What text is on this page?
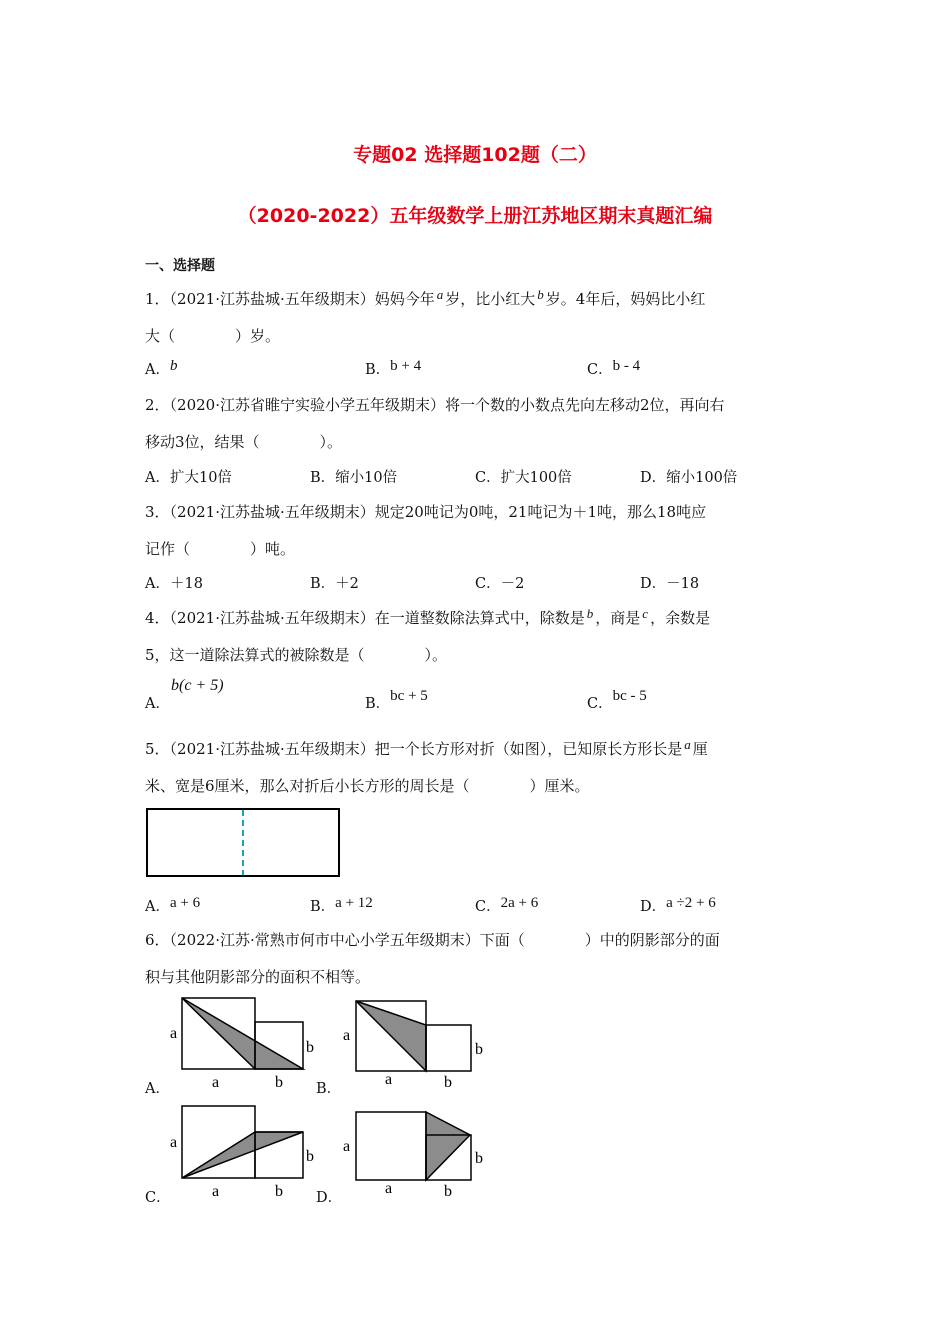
专题02 选择题102题（二）
（2020-2022）五年级数学上册江苏地区期末真题汇编
一、选择题
1．（2021·江苏盐城·五年级期末）妈妈今年 a 岁，比小红大 b 岁。4年后，妈妈比小红
大（　　　　）岁。
A．b	B．b + 4	C．b - 4
2．（2020·江苏省睢宁实验小学五年级期末）将一个数的小数点先向左移动2位，再向右
移动3位，结果（　　　　）。
A．扩大10倍	B．缩小10倍	C．扩大100倍	D．缩小100倍
3．（2021·江苏盐城·五年级期末）规定20吨记为0吨，21吨记为＋1吨，那么18吨应
记作（　　　　）吨。
A．＋18	B．＋2	C．－2	D．－18
4．（2021·江苏盐城·五年级期末）在一道整数除法算式中，除数是 b ，商是 c ，余数是
5，这一道除法算式的被除数是（　　　　）。
A．
b(c + 5)
B．bc + 5	C．bc - 5
5．（2021·江苏盐城·五年级期末）把一个长方形对折（如图），已知原长方形长是 a 厘
米、宽是6厘米，那么对折后小长方形的周长是（　　　　）厘米。
a
a
b
b
a
a
b
b
a
a
b
b
a
a
b
b
A．a + 6	B．a + 12	C．2a + 6	D．a ÷2 + 6
6．（2022·江苏·常熟市何市中心小学五年级期末）下面（　　　　）中的阴影部分的面
积与其他阴影部分的面积不相等。
A．	B．
C．	D．
